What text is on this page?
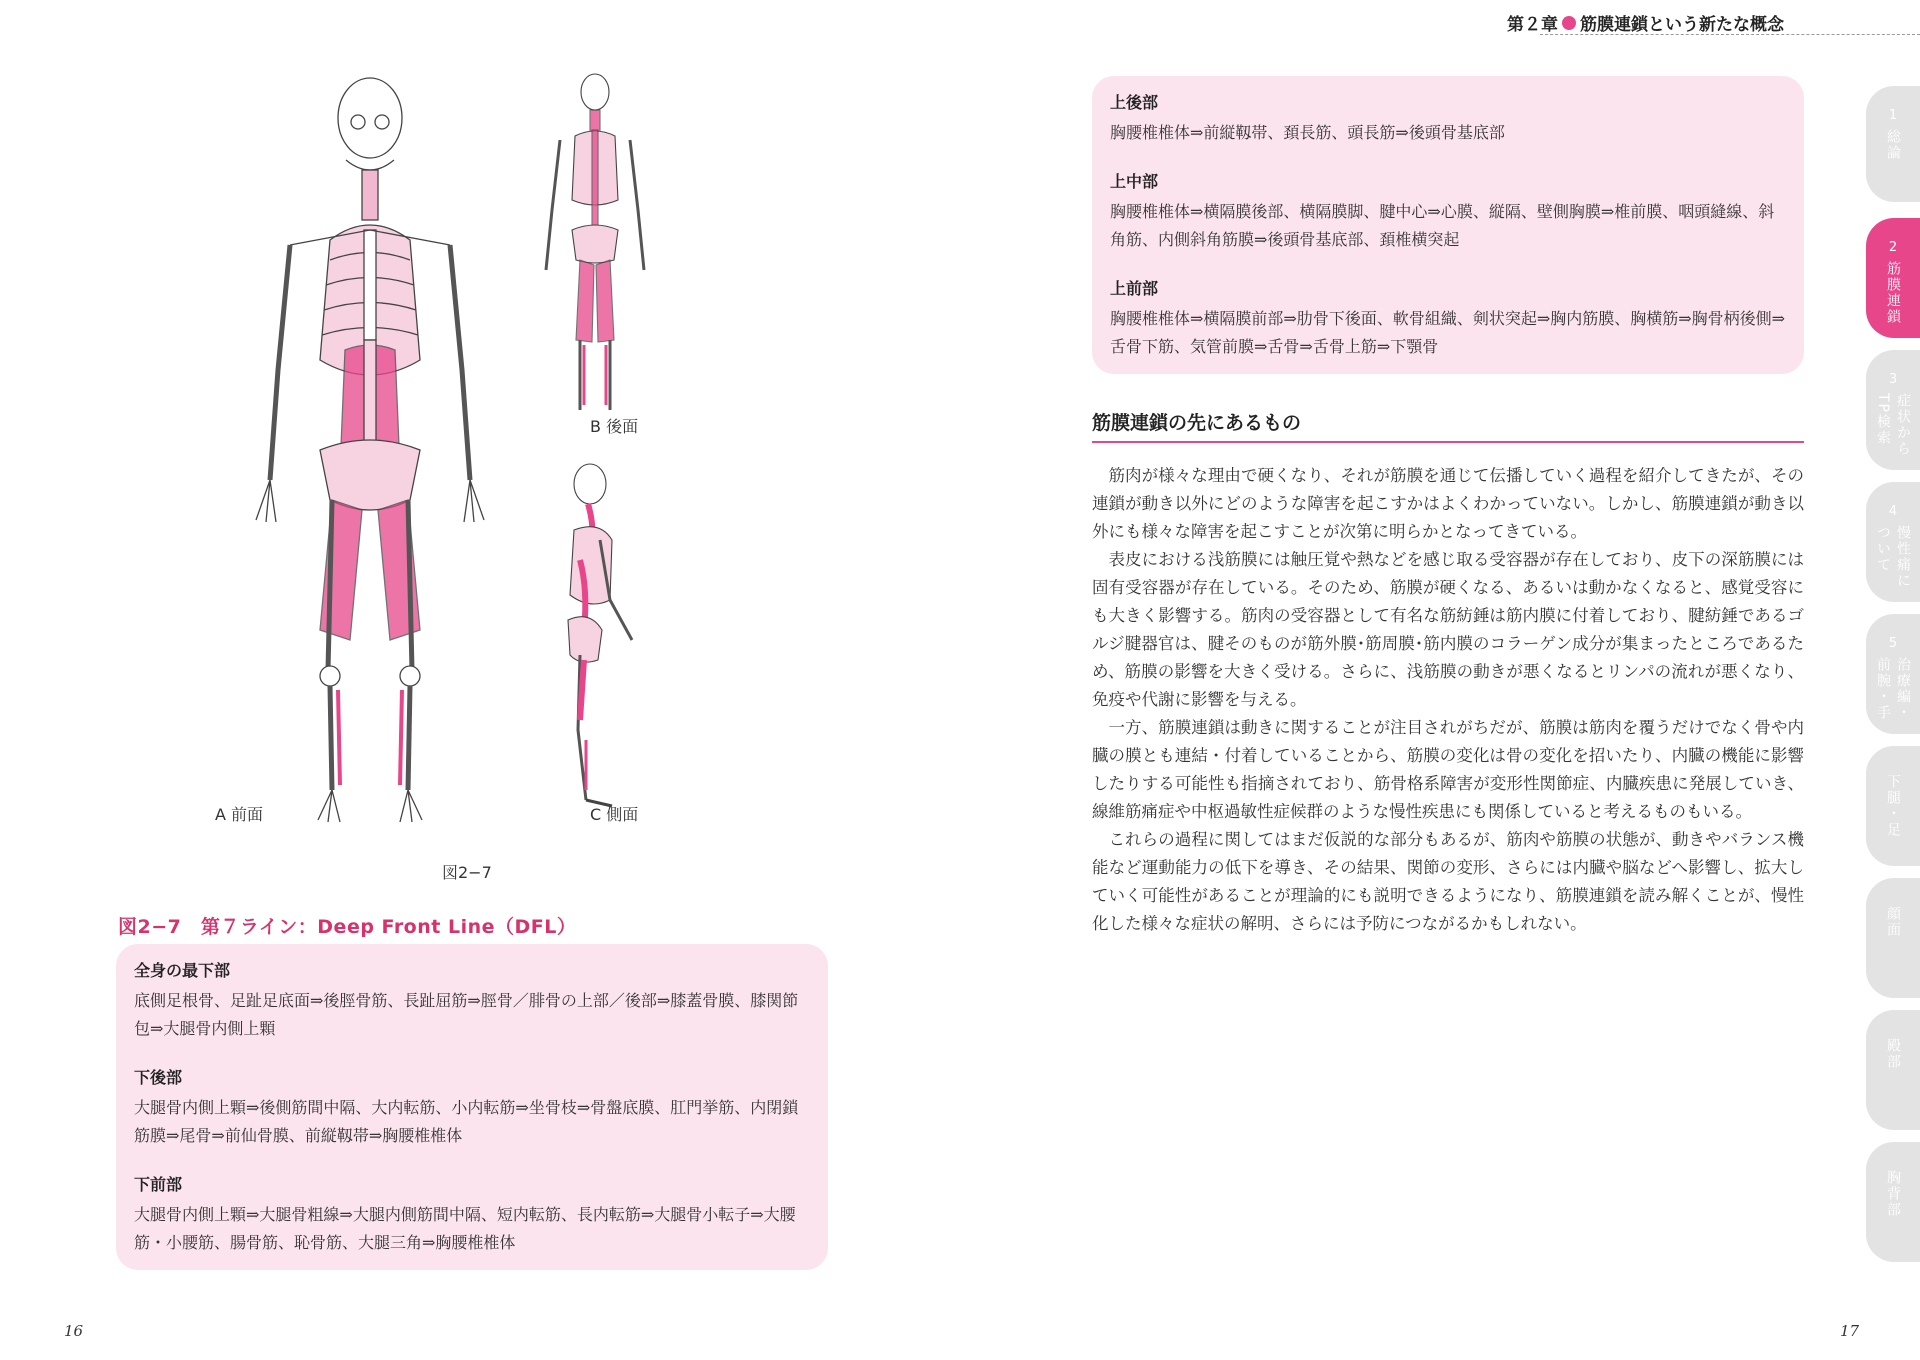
A 前面
B 後面
C 側面
図2−7
図2−7　第７ライン：Deep Front Line（DFL）
全身の最下部
底側足根骨、足趾足底面⇒後脛骨筋、長趾屈筋⇒脛骨／腓骨の上部／後部⇒膝蓋骨膜、膝関節包⇒大腿骨内側上顆
下後部
大腿骨内側上顆⇒後側筋間中隔、大内転筋、小内転筋⇒坐骨枝⇒骨盤底膜、肛門挙筋、内閉鎖筋膜⇒尾骨⇒前仙骨膜、前縦靱帯⇒胸腰椎椎体
下前部
大腿骨内側上顆⇒大腿骨粗線⇒大腿内側筋間中隔、短内転筋、長内転筋⇒大腿骨小転子⇒大腰筋・小腰筋、腸骨筋、恥骨筋、大腿三角⇒胸腰椎椎体
16
第２章 筋膜連鎖という新たな概念
上後部
胸腰椎椎体⇒前縦靱帯、頚長筋、頭長筋⇒後頭骨基底部
上中部
胸腰椎椎体⇒横隔膜後部、横隔膜脚、腱中心⇒心膜、縦隔、壁側胸膜⇒椎前膜、咽頭縫線、斜角筋、内側斜角筋膜⇒後頭骨基底部、頚椎横突起
上前部
胸腰椎椎体⇒横隔膜前部⇒肋骨下後面、軟骨組織、剣状突起⇒胸内筋膜、胸横筋⇒胸骨柄後側⇒舌骨下筋、気管前膜⇒舌骨⇒舌骨上筋⇒下顎骨
筋膜連鎖の先にあるもの

筋肉が様々な理由で硬くなり、それが筋膜を通じて伝播していく過程を紹介してきたが、その連鎖が動き以外にどのような障害を起こすかはよくわかっていない。しかし、筋膜連鎖が動き以外にも様々な障害を起こすことが次第に明らかとなってきている。

表皮における浅筋膜には触圧覚や熱などを感じ取る受容器が存在しており、皮下の深筋膜には固有受容器が存在している。そのため、筋膜が硬くなる、あるいは動かなくなると、感覚受容にも大きく影響する。筋肉の受容器として有名な筋紡錘は筋内膜に付着しており、腱紡錘であるゴルジ腱器官は、腱そのものが筋外膜･筋周膜･筋内膜のコラーゲン成分が集まったところであるため、筋膜の影響を大きく受ける。さらに、浅筋膜の動きが悪くなるとリンパの流れが悪くなり、免疫や代謝に影響を与える。

一方、筋膜連鎖は動きに関することが注目されがちだが、筋膜は筋肉を覆うだけでなく骨や内臓の膜とも連結・付着していることから、筋膜の変化は骨の変化を招いたり、内臓の機能に影響したりする可能性も指摘されており、筋骨格系障害が変形性関節症、内臓疾患に発展していき、線維筋痛症や中枢過敏性症候群のような慢性疾患にも関係していると考えるものもいる。

これらの過程に関してはまだ仮説的な部分もあるが、筋肉や筋膜の状態が、動きやバランス機能など運動能力の低下を導き、その結果、関節の変形、さらには内臓や脳などへ影響し、拡大していく可能性があることが理論的にも説明できるようになり、筋膜連鎖を読み解くことが、慢性化した様々な症状の解明、さらには予防につながるかもしれない。

17
1
総論
2
筋膜連鎖
3
症状からTP検索
4
慢性痛について
5
治療編・前腕・手
下腿・足
顔面
殿部
胸背部
